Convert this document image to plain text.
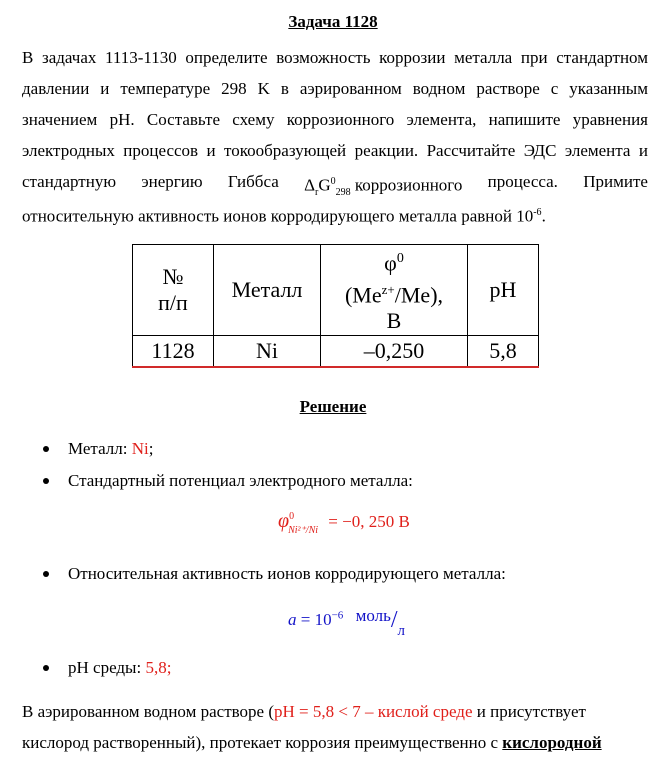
Задача 1128
В задачах 1113-1130 определите возможность коррозии металла при стандартном
давлении и температуре 298 K в аэрированном водном растворе с указанным
значением pH. Составьте схему коррозионного элемента, напишите уравнения
электродных процессов и токообразующей реакции. Рассчитайте ЭДС элемента и
стандартную энергию Гиббса $\Delta_rG^0_{298}$ коррозионного процесса. Примите
относительную активность ионов корродирующего металла равной $10^{-6}$.
№
п/п	Металл	$\varphi^0$
$(Me^{z+}/Me)$,
В	pH
1128	Ni	–0,250	5,8
Решение
Металл: Ni;
Стандартный потенциал электродного металла:
$\varphi^0_{Ni^{2+}/Ni} = -0$, 250 В
Относительная активность ионов корродирующего металла:
$a = 10^{-6}$ моль/л
pH среды: 5,8;
В аэрированном водном растворе (pH = 5,8 < 7 – кислой среде и присутствует
кислород растворенный), протекает коррозия преимущественно с кислородной
